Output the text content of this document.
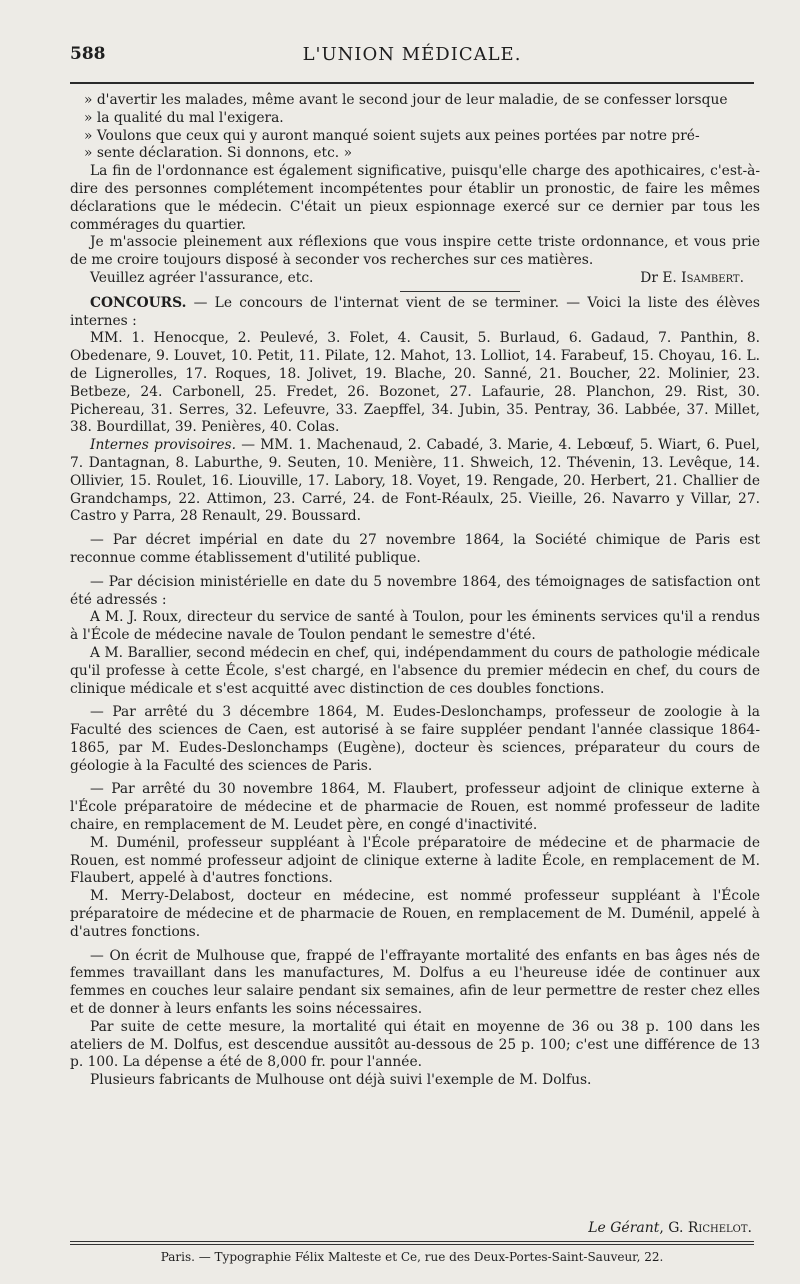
588	L'UNION MÉDICALE.

» d'avertir les malades, même avant le second jour de leur maladie, de se confesser lorsque

» la qualité du mal l'exigera.

» Voulons que ceux qui y auront manqué soient sujets aux peines portées par notre pré-

» sente déclaration. Si donnons, etc. »

La fin de l'ordonnance est également significative, puisqu'elle charge des apothicaires, c'est-à-dire des personnes complétement incompétentes pour établir un pronostic, de faire les mêmes déclarations que le médecin. C'était un pieux espionnage exercé sur ce dernier par tous les commérages du quartier.

Je m'associe pleinement aux réflexions que vous inspire cette triste ordonnance, et vous prie de me croire toujours disposé à seconder vos recherches sur ces matières.

Veuillez agréer l'assurance, etc.	Dr E. Isambert.

CONCOURS. — Le concours de l'internat vient de se terminer. — Voici la liste des élèves internes :

MM. 1. Henocque, 2. Peulevé, 3. Folet, 4. Causit, 5. Burlaud, 6. Gadaud, 7. Panthin, 8. Obedenare, 9. Louvet, 10. Petit, 11. Pilate, 12. Mahot, 13. Lolliot, 14. Farabeuf, 15. Choyau, 16. L. de Lignerolles, 17. Roques, 18. Jolivet, 19. Blache, 20. Sanné, 21. Boucher, 22. Molinier, 23. Betbeze, 24. Carbonell, 25. Fredet, 26. Bozonet, 27. Lafaurie, 28. Planchon, 29. Rist, 30. Pichereau, 31. Serres, 32. Lefeuvre, 33. Zaepffel, 34. Jubin, 35. Pentray, 36. Labbée, 37. Millet, 38. Bourdillat, 39. Penières, 40. Colas.

Internes provisoires. — MM. 1. Machenaud, 2. Cabadé, 3. Marie, 4. Lebœuf, 5. Wiart, 6. Puel, 7. Dantagnan, 8. Laburthe, 9. Seuten, 10. Menière, 11. Shweich, 12. Thévenin, 13. Levêque, 14. Ollivier, 15. Roulet, 16. Liouville, 17. Labory, 18. Voyet, 19. Rengade, 20. Herbert, 21. Challier de Grandchamps, 22. Attimon, 23. Carré, 24. de Font-Réaulx, 25. Vieille, 26. Navarro y Villar, 27. Castro y Parra, 28 Renault, 29. Boussard.

— Par décret impérial en date du 27 novembre 1864, la Société chimique de Paris est reconnue comme établissement d'utilité publique.

— Par décision ministérielle en date du 5 novembre 1864, des témoignages de satisfaction ont été adressés :

A M. J. Roux, directeur du service de santé à Toulon, pour les éminents services qu'il a rendus à l'École de médecine navale de Toulon pendant le semestre d'été.

A M. Barallier, second médecin en chef, qui, indépendamment du cours de pathologie médicale qu'il professe à cette École, s'est chargé, en l'absence du premier médecin en chef, du cours de clinique médicale et s'est acquitté avec distinction de ces doubles fonctions.

— Par arrêté du 3 décembre 1864, M. Eudes-Deslonchamps, professeur de zoologie à la Faculté des sciences de Caen, est autorisé à se faire suppléer pendant l'année classique 1864-1865, par M. Eudes-Deslonchamps (Eugène), docteur ès sciences, préparateur du cours de géologie à la Faculté des sciences de Paris.

— Par arrêté du 30 novembre 1864, M. Flaubert, professeur adjoint de clinique externe à l'École préparatoire de médecine et de pharmacie de Rouen, est nommé professeur de ladite chaire, en remplacement de M. Leudet père, en congé d'inactivité.

M. Duménil, professeur suppléant à l'École préparatoire de médecine et de pharmacie de Rouen, est nommé professeur adjoint de clinique externe à ladite École, en remplacement de M. Flaubert, appelé à d'autres fonctions.

M. Merry-Delabost, docteur en médecine, est nommé professeur suppléant à l'École préparatoire de médecine et de pharmacie de Rouen, en remplacement de M. Duménil, appelé à d'autres fonctions.

— On écrit de Mulhouse que, frappé de l'effrayante mortalité des enfants en bas âges nés de femmes travaillant dans les manufactures, M. Dolfus a eu l'heureuse idée de continuer aux femmes en couches leur salaire pendant six semaines, afin de leur permettre de rester chez elles et de donner à leurs enfants les soins nécessaires.

Par suite de cette mesure, la mortalité qui était en moyenne de 36 ou 38 p. 100 dans les ateliers de M. Dolfus, est descendue aussitôt au-dessous de 25 p. 100; c'est une différence de 13 p. 100. La dépense a été de 8,000 fr. pour l'année.

Plusieurs fabricants de Mulhouse ont déjà suivi l'exemple de M. Dolfus.

Le Gérant, G. Richelot.
Paris. — Typographie Félix Malteste et Ce, rue des Deux-Portes-Saint-Sauveur, 22.
